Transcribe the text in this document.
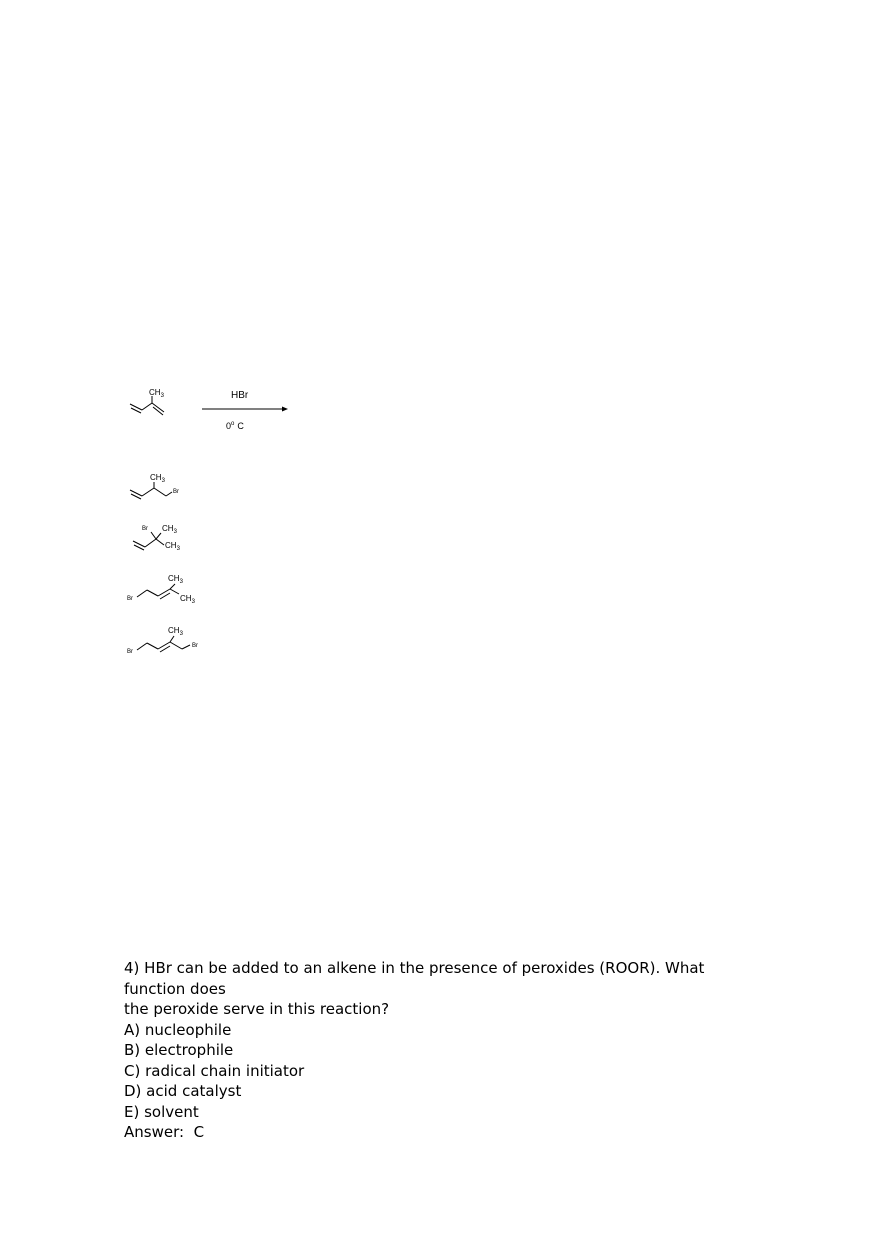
$CH_3$	HBr
0$^o$ C
$CH_3$
Br
Br $CH_3$
$CH_3$
Br
$CH_3$
$CH_3$
Br
$CH_3$
Br
4) HBr can be added to an alkene in the presence of peroxides (ROOR). What function does
the peroxide serve in this reaction?
A) nucleophile
B) electrophile
C) radical chain initiator
D) acid catalyst
E) solvent
Answer:  C
